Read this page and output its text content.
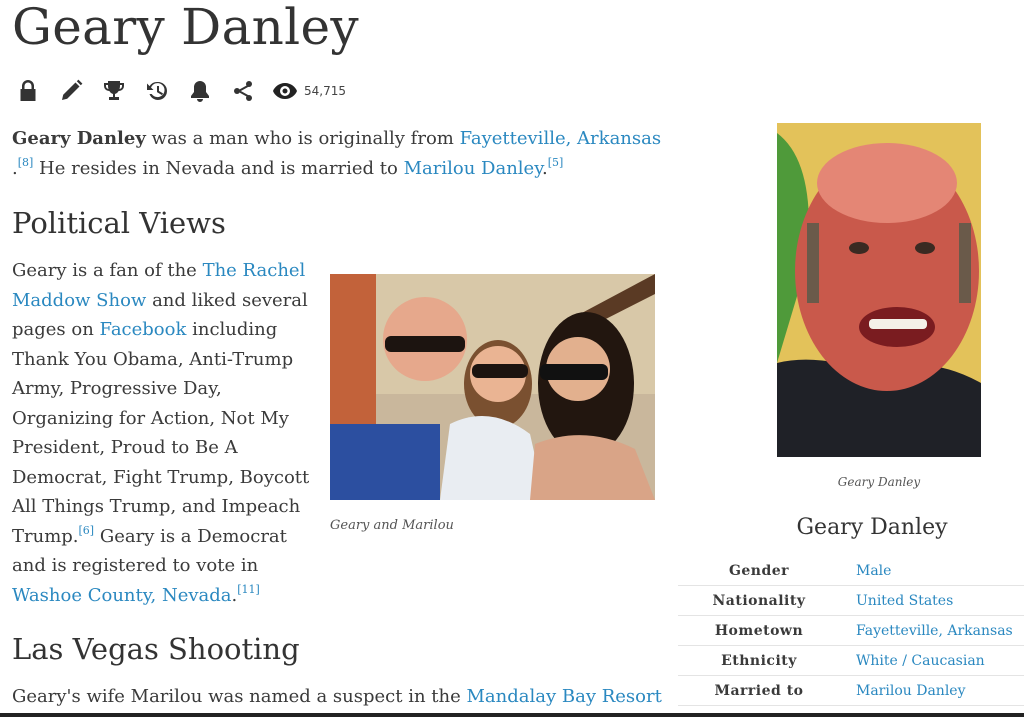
Geary Danley
54,715

Geary Danley was a man who is originally from Fayetteville, Arkansas
.[8] He resides in Nevada and is married to Marilou Danley.[5]

Political Views

Geary is a fan of the The Rachel Maddow Show and liked several pages on Facebook including Thank You Obama, Anti-Trump Army, Progressive Day, Organizing for Action, Not My President, Proud to Be A Democrat, Fight Trump, Boycott All Things Trump, and Impeach Trump.[6] Geary is a Democrat and is registered to vote in Washoe County, Nevada.[11]

Geary and Marilou
Las Vegas Shooting

Geary's wife Marilou was named a suspect in the Mandalay Bay Resort

Geary Danley
Geary Danley
Gender	Male
Nationality	United States
Hometown	Fayetteville, Arkansas
Ethnicity	White / Caucasian
Married to	Marilou Danley
